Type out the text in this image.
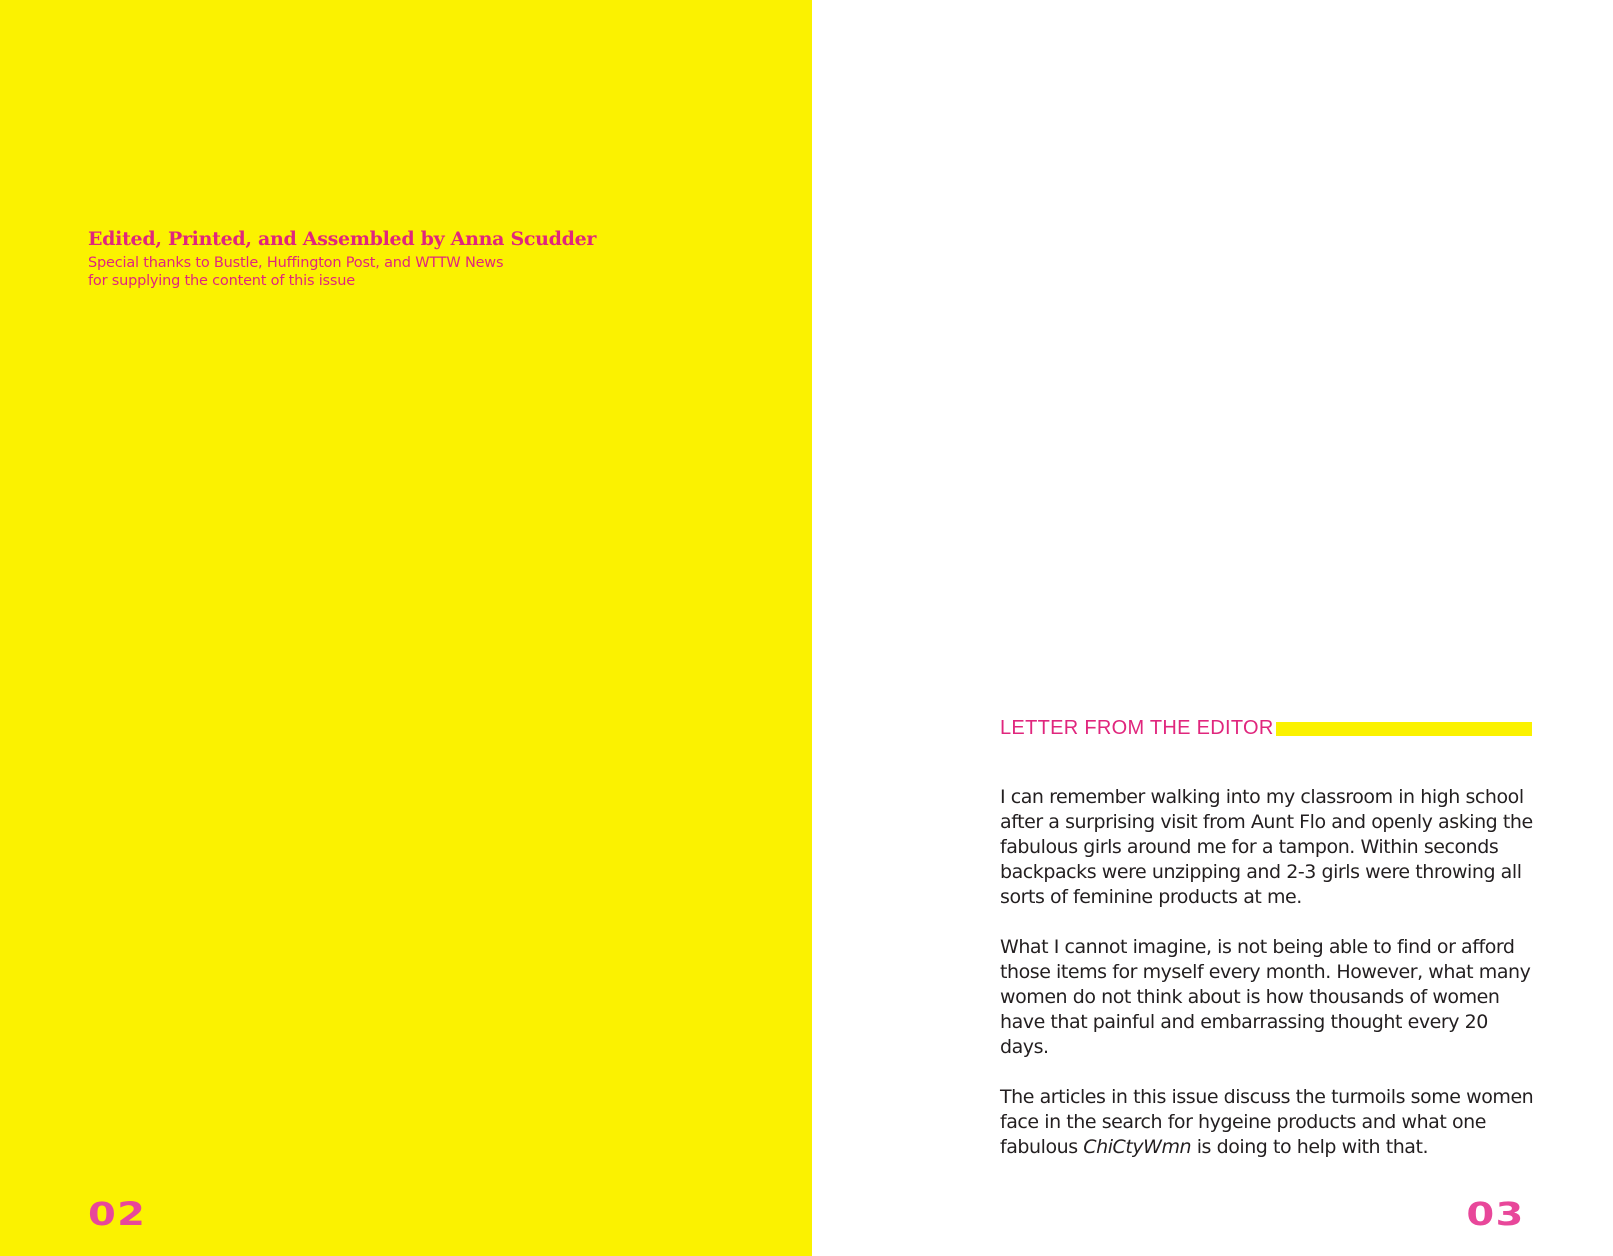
Edited, Printed, and Assembled by Anna Scudder

Special thanks to Bustle, Huffington Post, and WTTW News
for supplying the content of this issue

02
LETTER FROM THE EDITOR

I can remember walking into my classroom in high school after a surprising visit from Aunt Flo and openly asking the fabulous girls around me for a tampon. Within seconds backpacks were unzipping and 2-3 girls were throwing all sorts of feminine products at me.

What I cannot imagine, is not being able to find or afford those items for myself every month. However, what many women do not think about is how thousands of women have that painful and embarrassing thought every 20 days.

The articles in this issue discuss the turmoils some women face in the search for hygeine products and what one fabulous ChiCtyWmn is doing to help with that.

03
